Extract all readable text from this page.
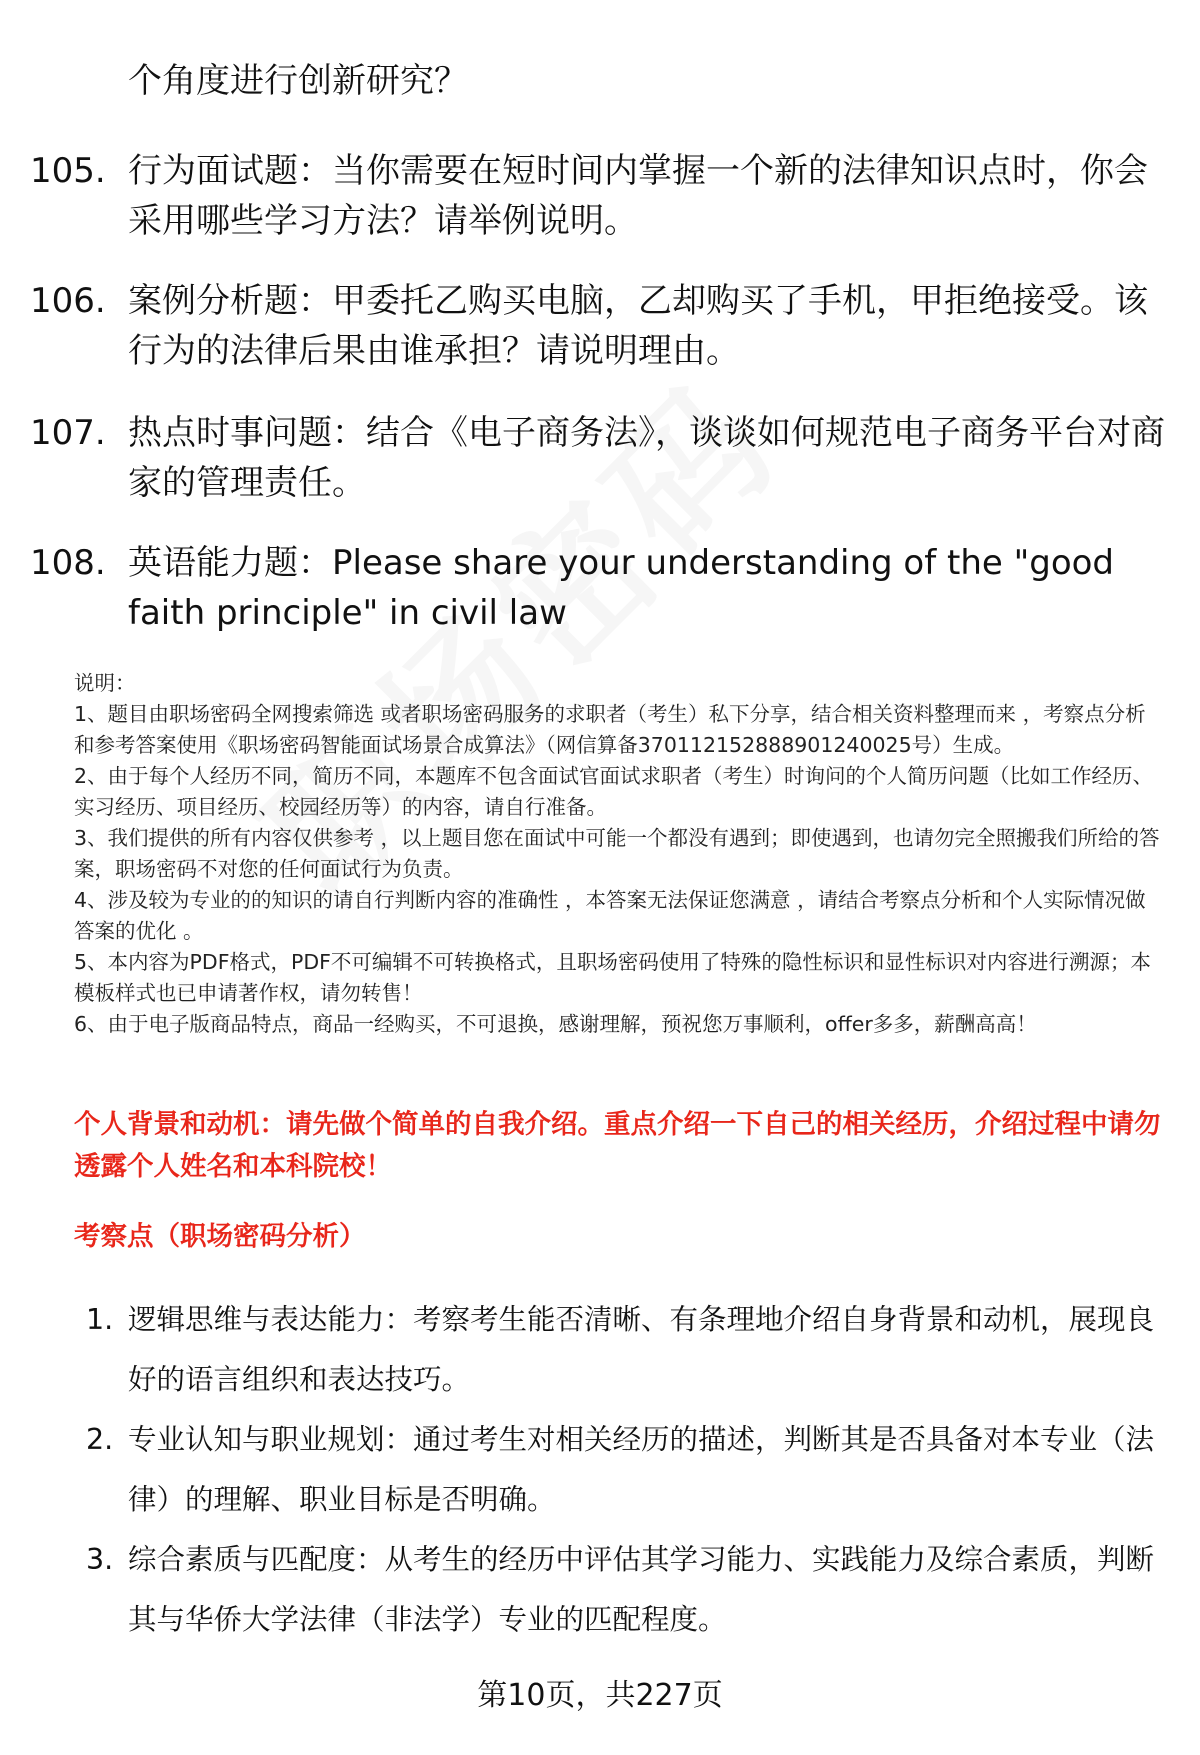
个角度进行创新研究？
105. 行为面试题：当你需要在短时间内掌握一个新的法律知识点时，你会采用哪些学习方法？请举例说明。
106. 案例分析题：甲委托乙购买电脑，乙却购买了手机，甲拒绝接受。该行为的法律后果由谁承担？请说明理由。
107. 热点时事问题：结合《电子商务法》，谈谈如何规范电子商务平台对商家的管理责任。
108. 英语能力题：Please share your understanding of the "good faith principle" in civil law
说明：
1、题目由职场密码全网搜索筛选 或者职场密码服务的求职者（考生）私下分享，结合相关资料整理而来 ，考察点分析和参考答案使用《职场密码智能面试场景合成算法》（网信算备370112152888901240025号）生成。
2、由于每个人经历不同，简历不同，本题库不包含面试官面试求职者（考生）时询问的个人简历问题（比如工作经历、实习经历、项目经历、校园经历等）的内容，请自行准备。
3、我们提供的所有内容仅供参考 ，以上题目您在面试中可能一个都没有遇到；即使遇到，也请勿完全照搬我们所给的答案，职场密码不对您的任何面试行为负责。
4、涉及较为专业的的知识的请自行判断内容的准确性 ，本答案无法保证您满意 ，请结合考察点分析和个人实际情况做答案的优化 。
5、本内容为PDF格式，PDF不可编辑不可转换格式，且职场密码使用了特殊的隐性标识和显性标识对内容进行溯源；本模板样式也已申请著作权，请勿转售！
6、由于电子版商品特点，商品一经购买，不可退换，感谢理解，预祝您万事顺利，offer多多，薪酬高高！
个人背景和动机：请先做个简单的自我介绍。重点介绍一下自己的相关经历，介绍过程中请勿透露个人姓名和本科院校！
考察点（职场密码分析）
1. 逻辑思维与表达能力：考察考生能否清晰、有条理地介绍自身背景和动机，展现良好的语言组织和表达技巧。
2. 专业认知与职业规划：通过考生对相关经历的描述，判断其是否具备对本专业（法律）的理解、职业目标是否明确。
3. 综合素质与匹配度：从考生的经历中评估其学习能力、实践能力及综合素质，判断其与华侨大学法律（非法学）专业的匹配程度。
第10页，共227页
